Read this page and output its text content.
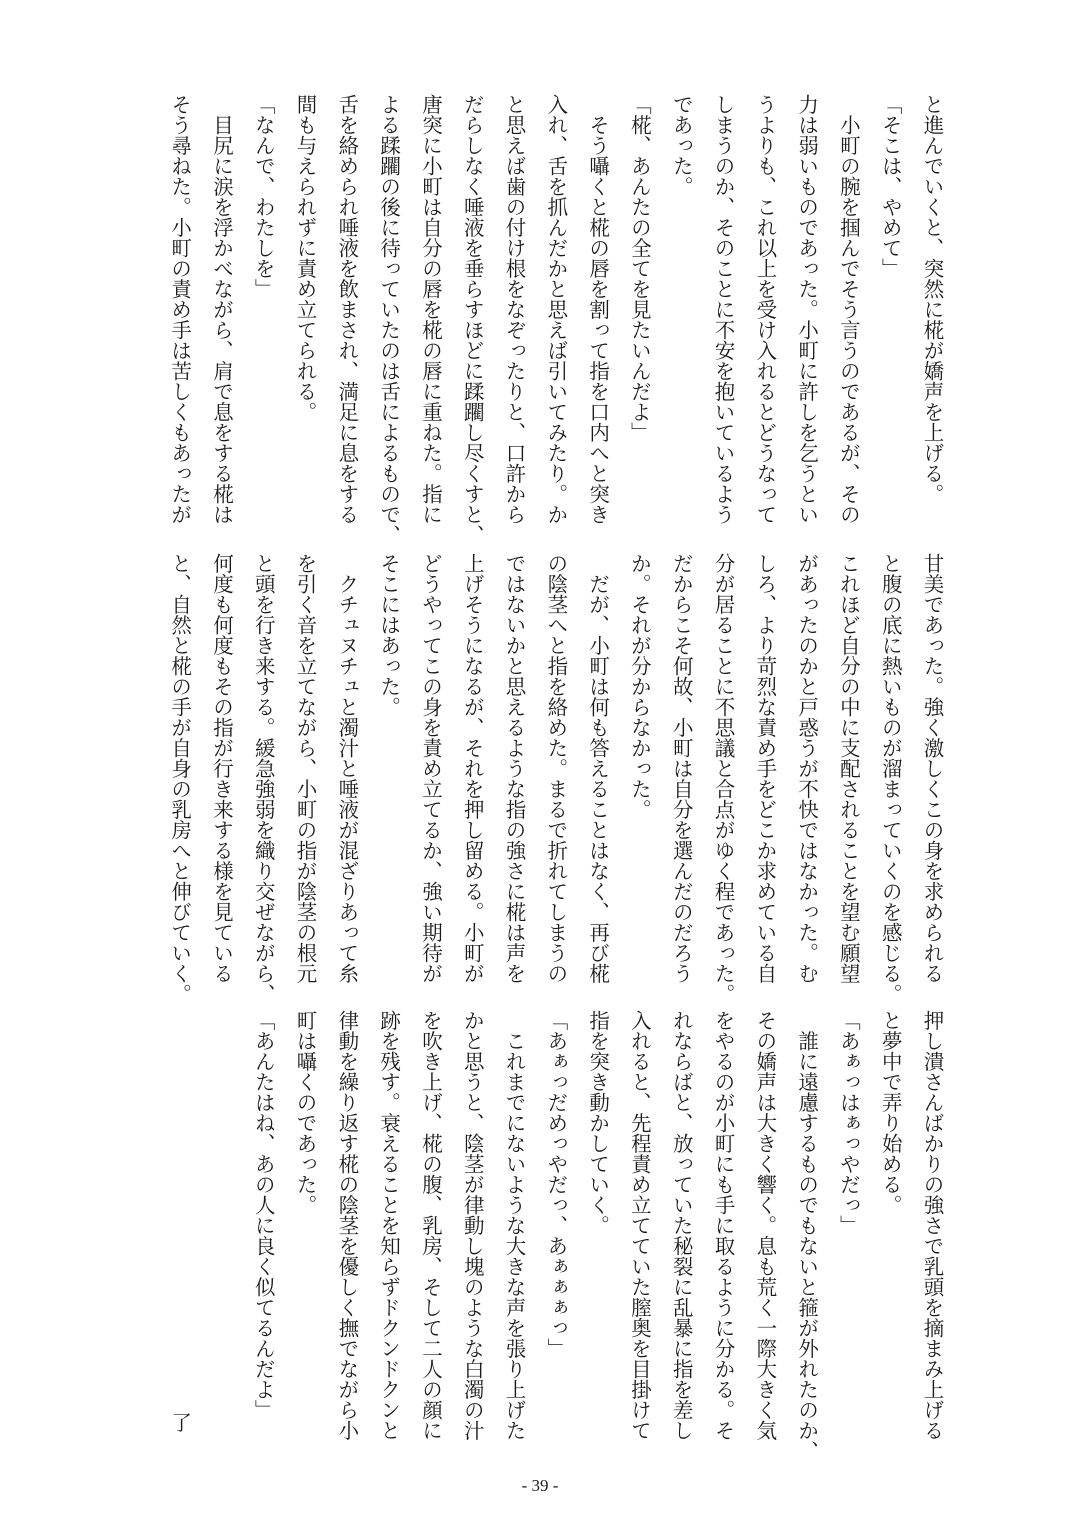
と進んでいくと、突然に椛が嬌声を上げる。
「そこは、やめて」
　小町の腕を掴んでそう言うのであるが、その
力は弱いものであった。小町に許しを乞うとい
うよりも、これ以上を受け入れるとどうなって
しまうのか、そのことに不安を抱いているよう
であった。
「椛、あんたの全てを見たいんだよ」
　そう囁くと椛の唇を割って指を口内へと突き
入れ、舌を抓んだかと思えば引いてみたり。か
と思えば歯の付け根をなぞったりと、口許から
だらしなく唾液を垂らすほどに蹂躙し尽くすと、
唐突に小町は自分の唇を椛の唇に重ねた。指に
よる蹂躙の後に待っていたのは舌によるもので、
舌を絡められ唾液を飲まされ、満足に息をする
間も与えられずに責め立てられる。
「なんで、わたしを」
　目尻に涙を浮かべながら、肩で息をする椛は
そう尋ねた。小町の責め手は苦しくもあったが
甘美であった。強く激しくこの身を求められる
と腹の底に熱いものが溜まっていくのを感じる。
これほど自分の中に支配されることを望む願望
があったのかと戸惑うが不快ではなかった。む
しろ、より苛烈な責め手をどこか求めている自
分が居ることに不思議と合点がゆく程であった。
だからこそ何故、小町は自分を選んだのだろう
か。それが分からなかった。
　だが、小町は何も答えることはなく、再び椛
の陰茎へと指を絡めた。まるで折れてしまうの
ではないかと思えるような指の強さに椛は声を
上げそうになるが、それを押し留める。小町が
どうやってこの身を責め立てるか、強い期待が
そこにはあった。
　クチュヌチュと濁汁と唾液が混ざりあって糸
を引く音を立てながら、小町の指が陰茎の根元
と頭を行き来する。緩急強弱を織り交ぜながら、
何度も何度もその指が行き来する様を見ている
と、自然と椛の手が自身の乳房へと伸びていく。
押し潰さんばかりの強さで乳頭を摘まみ上げる
と夢中で弄り始める。
「あぁっはぁっやだっ」
　誰に遠慮するものでもないと箍が外れたのか、
その嬌声は大きく響く。息も荒く一際大きく気
をやるのが小町にも手に取るように分かる。そ
れならばと、放っていた秘裂に乱暴に指を差し
入れると、先程責め立てていた膣奥を目掛けて
指を突き動かしていく。
「あぁっだめっやだっ、あぁぁぁっ」
　これまでにないような大きな声を張り上げた
かと思うと、陰茎が律動し塊のような白濁の汁
を吹き上げ、椛の腹、乳房、そして二人の顔に
跡を残す。衰えることを知らずドクンドクンと
律動を繰り返す椛の陰茎を優しく撫でながら小
町は囁くのであった。
「あんたはね、あの人に良く似てるんだよ」

了
- 39 -
